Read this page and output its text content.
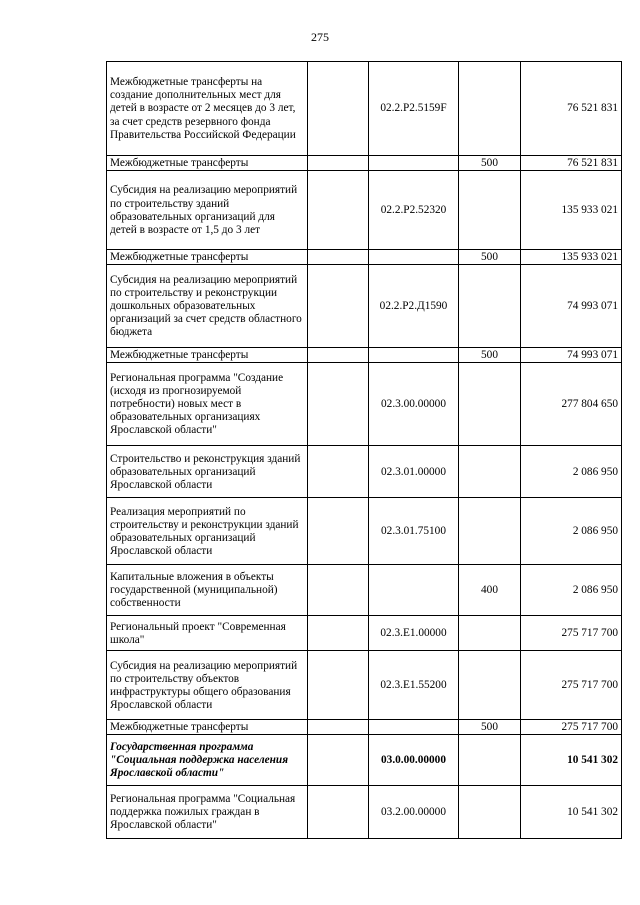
275
Межбюджетные трансферты на создание дополнительных мест для детей в возрасте от 2 месяцев до 3 лет, за счет средств резервного фонда Правительства Российской Федерации		02.2.P2.5159F		76 521 831
Межбюджетные трансферты			500	76 521 831
Субсидия на реализацию мероприятий по строительству зданий образовательных организаций для детей в возрасте от 1,5 до 3 лет		02.2.P2.52320		135 933 021
Межбюджетные трансферты			500	135 933 021
Субсидия на реализацию мероприятий по строительству и реконструкции дошкольных образовательных организаций за счет средств областного бюджета		02.2.P2.Д1590		74 993 071
Межбюджетные трансферты			500	74 993 071
Региональная программа "Создание (исходя из прогнозируемой потребности) новых мест в образовательных организациях Ярославской области"		02.3.00.00000		277 804 650
Строительство и реконструкция зданий образовательных организаций Ярославской области		02.3.01.00000		2 086 950
Реализация мероприятий по строительству и реконструкции зданий образовательных организаций Ярославской области		02.3.01.75100		2 086 950
Капитальные вложения в объекты государственной (муниципальной) собственности			400	2 086 950
Региональный проект "Современная школа"		02.3.E1.00000		275 717 700
Субсидия на реализацию мероприятий по строительству объектов инфраструктуры общего образования Ярославской области		02.3.E1.55200		275 717 700
Межбюджетные трансферты			500	275 717 700
Государственная программа "Социальная поддержка населения Ярославской области"		03.0.00.00000		10 541 302
Региональная программа "Социальная поддержка пожилых граждан в Ярославской области"		03.2.00.00000		10 541 302
